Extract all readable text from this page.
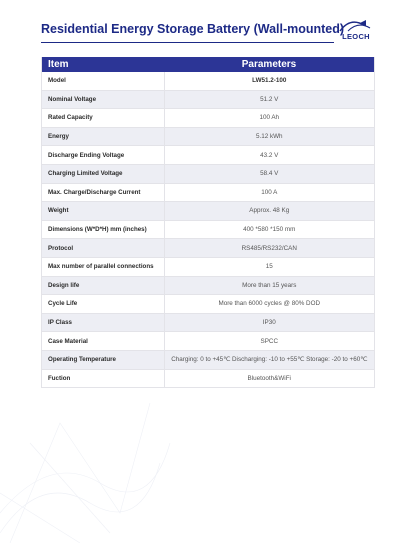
Residential Energy Storage Battery (Wall-mounted)
LEOCH
Item	Parameters
Model	LW51.2-100
Nominal Voltage	51.2 V
Rated Capacity	100 Ah
Energy	5.12 kWh
Discharge Ending Voltage	43.2 V
Charging Limited Voltage	58.4 V
Max. Charge/Discharge Current	100 A
Weight	Approx. 48 Kg
Dimensions (W*D*H) mm (inches)	400 *580 *150 mm
Protocol	RS485/RS232/CAN
Max number of parallel connections	15
Design life	More than 15 years
Cycle Life	More than 6000 cycles @ 80% DOD
IP Class	IP30
Case Material	SPCC
Operating Temperature	Charging: 0 to +45℃ Discharging: -10 to +55℃ Storage: -20 to +60℃
Fuction	Bluetooth&WiFi
